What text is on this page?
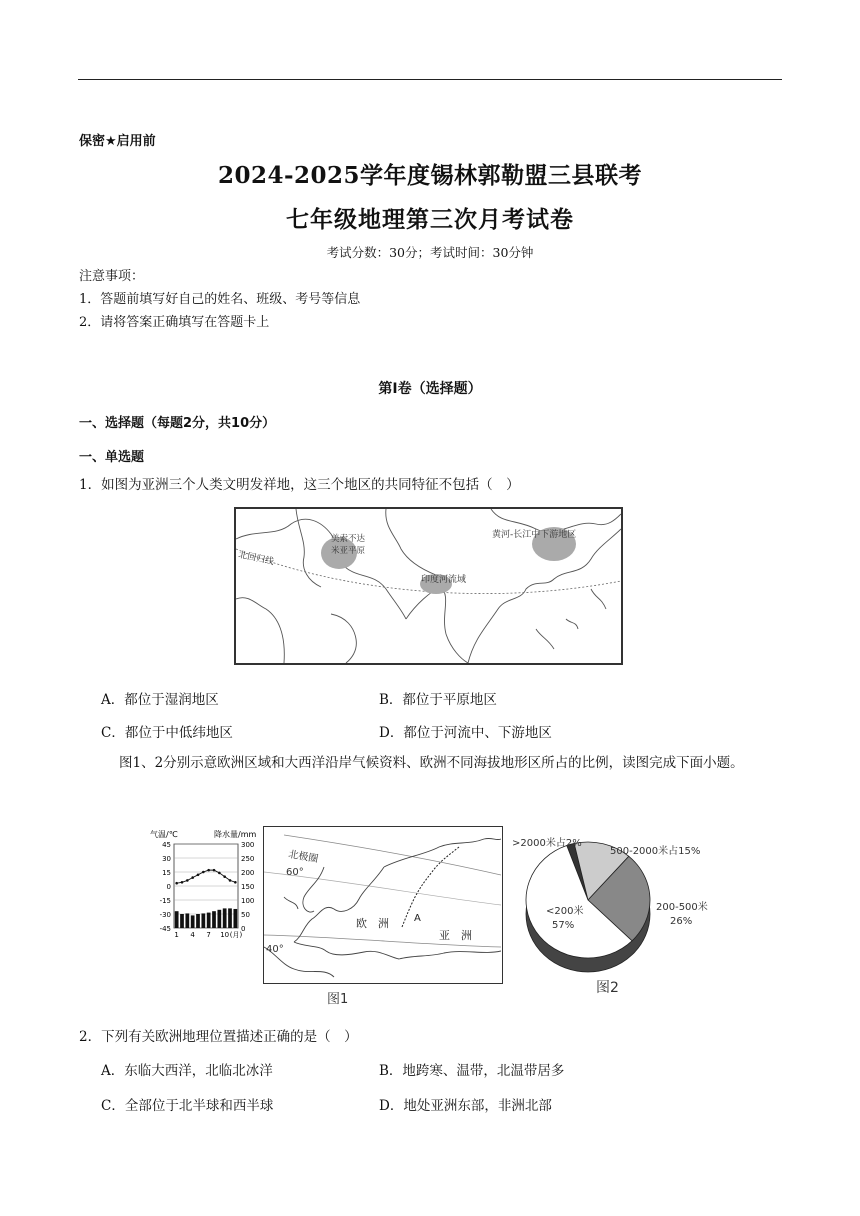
保密★启用前
2024-2025学年度锡林郭勒盟三县联考
七年级地理第三次月考试卷
考试分数：30分；考试时间：30分钟
注意事项：
1．答题前填写好自己的姓名、班级、考号等信息
2．请将答案正确填写在答题卡上
第Ⅰ卷（选择题）
一、选择题（每题2分，共10分）
一、单选题
1．如图为亚洲三个人类文明发祥地，这三个地区的共同特征不包括（　）
美索不达
米亚平原
黄河-长江中下游地区
印度河流域
北回归线
A．都位于湿润地区	B．都位于平原地区
C．都位于中低纬地区	D．都位于河流中、下游地区
图1、2分别示意欧洲区域和大西洋沿岸气候资料、欧洲不同海拔地形区所占的比例，读图完成下面小题。
气温/℃	降水量/mm
45	300
30	250
15	200
0	150
-15	100
-30	50
-45	0
1 4 7 10 (月)
北极圈
60°
40°
欧　洲
亚　洲
A
图1
>2000米占2%
500-2000米占15%
200-500米
26%
<200米
57%
图2
2．下列有关欧洲地理位置描述正确的是（　）
A．东临大西洋，北临北冰洋	B．地跨寒、温带，北温带居多
C．全部位于北半球和西半球	D．地处亚洲东部，非洲北部
